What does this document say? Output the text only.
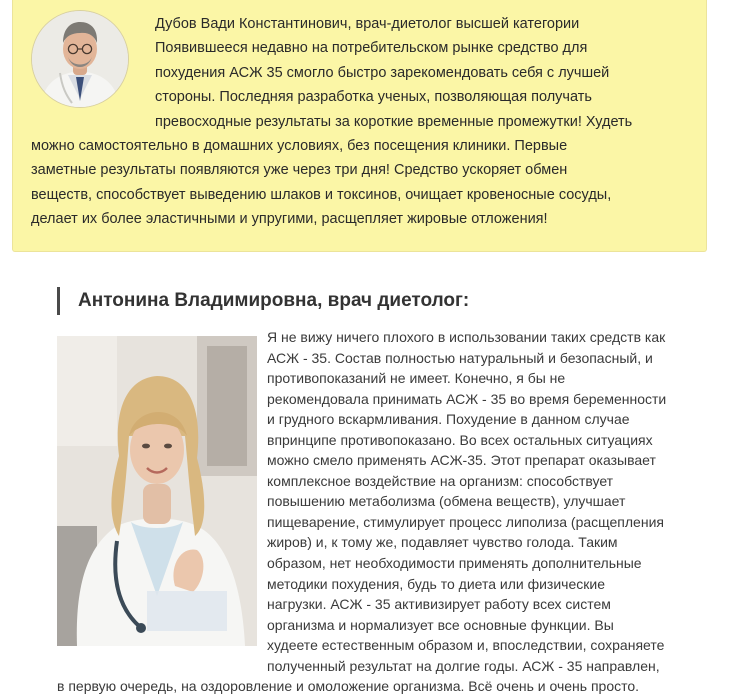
Дубов Вади Константинович, врач-диетолог высшей категории
Появившееся недавно на потребительском рынке средство для
похудения АСЖ 35 смогло быстро зарекомендовать себя с лучшей
стороны. Последняя разработка ученых, позволяющая получать
превосходные результаты за короткие временные промежутки! Худеть
можно самостоятельно в домашних условиях, без посещения клиники. Первые
заметные результаты появляются уже через три дня! Средство ускоряет обмен
веществ, способствует выведению шлаков и токсинов, очищает кровеносные сосуды,
делает их более эластичными и упругими, расщепляет жировые отложения!

Антонина Владимировна, врач диетолог:

Я не вижу ничего плохого в использовании таких средств как
АСЖ - 35. Состав полностью натуральный и безопасный, и
противопоказаний не имеет. Конечно, я бы не
рекомендовала принимать АСЖ - 35 во время беременности
и грудного вскармливания. Похудение в данном случае
впринципе противопоказано. Во всех остальных ситуациях
можно смело применять АСЖ-35. Этот препарат оказывает
комплексное воздействие на организм: способствует
повышению метаболизма (обмена веществ), улучшает
пищеварение, стимулирует процесс липолиза (расщепления
жиров) и, к тому же, подавляет чувство голода. Таким
образом, нет необходимости применять дополнительные
методики похудения, будь то диета или физические
нагрузки. АСЖ - 35 активизирует работу всех систем
организма и нормализует все основные функции. Вы
худеете естественным образом и, впоследствии, сохраняете
полученный результат на долгие годы. АСЖ - 35 направлен,
в первую очередь, на оздоровление и омоложение организма. Всё очень и очень просто.
